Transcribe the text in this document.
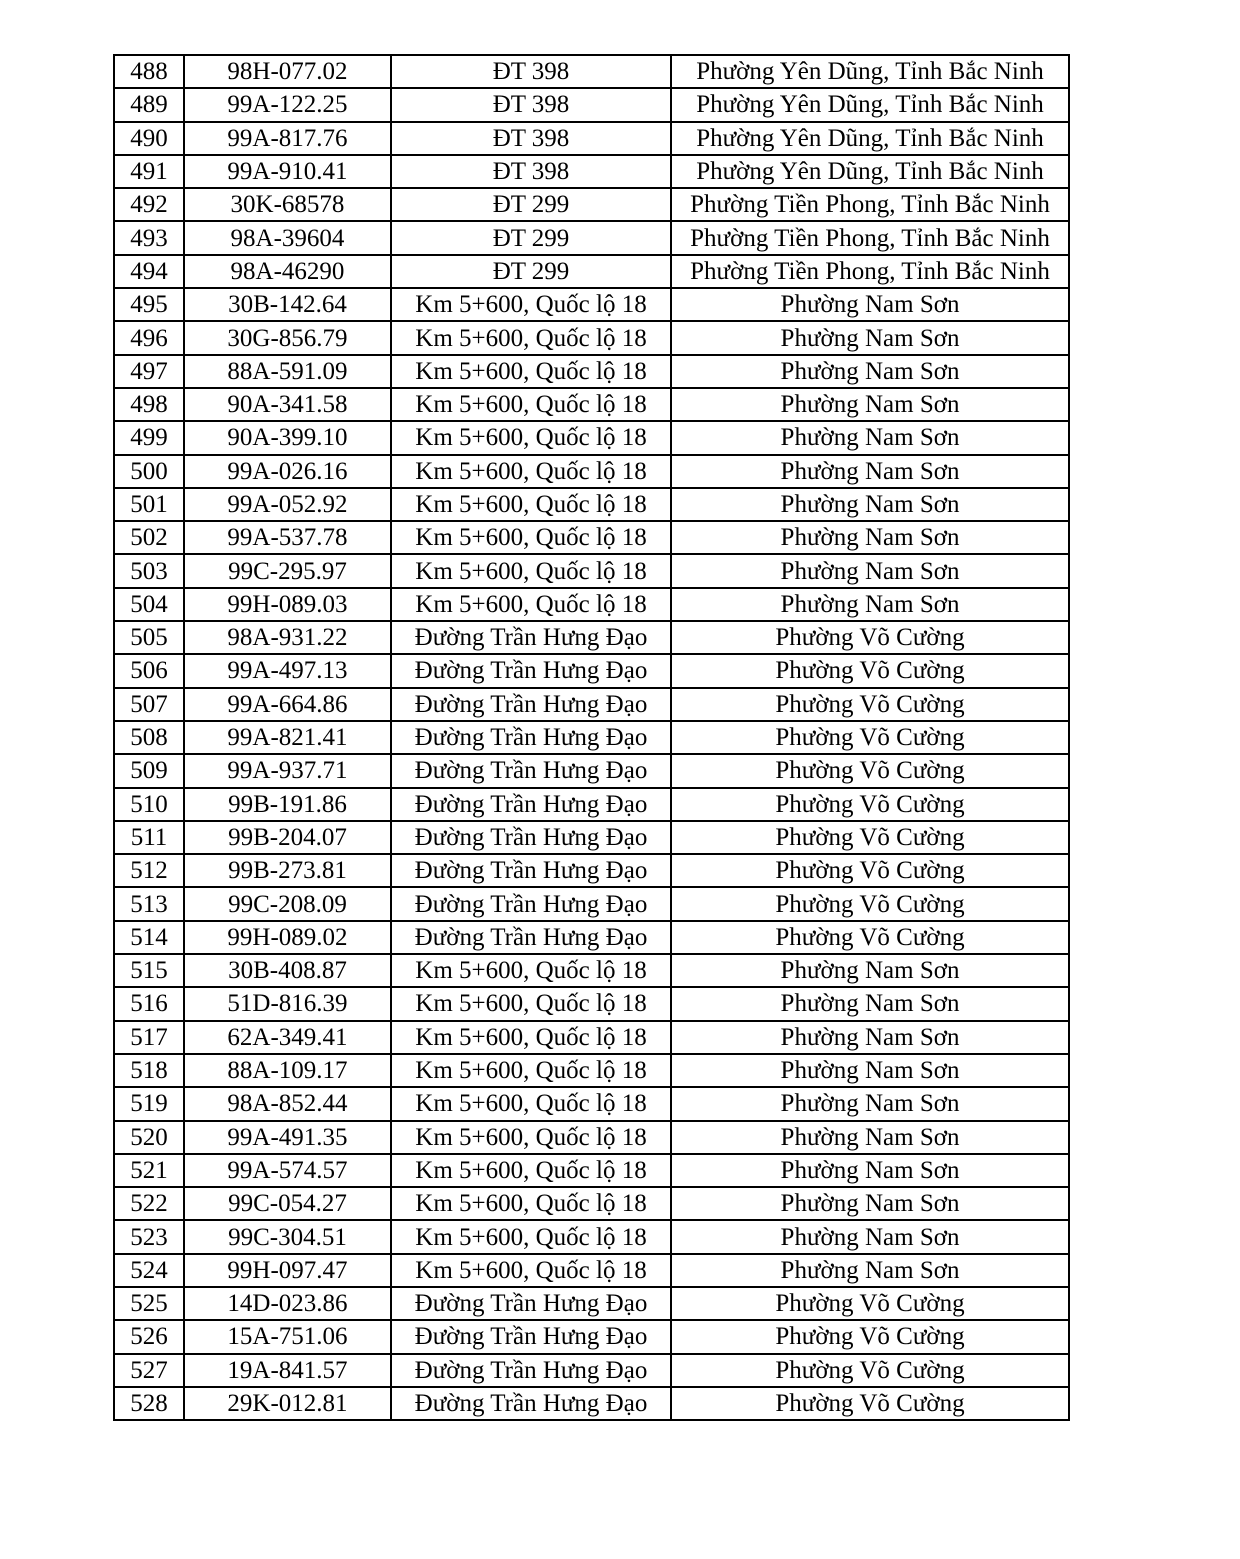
488	98H-077.02	ĐT 398	Phường Yên Dũng, Tỉnh Bắc Ninh
489	99A-122.25	ĐT 398	Phường Yên Dũng, Tỉnh Bắc Ninh
490	99A-817.76	ĐT 398	Phường Yên Dũng, Tỉnh Bắc Ninh
491	99A-910.41	ĐT 398	Phường Yên Dũng, Tỉnh Bắc Ninh
492	30K-68578	ĐT 299	Phường Tiền Phong, Tỉnh Bắc Ninh
493	98A-39604	ĐT 299	Phường Tiền Phong, Tỉnh Bắc Ninh
494	98A-46290	ĐT 299	Phường Tiền Phong, Tỉnh Bắc Ninh
495	30B-142.64	Km 5+600, Quốc lộ 18	Phường Nam Sơn
496	30G-856.79	Km 5+600, Quốc lộ 18	Phường Nam Sơn
497	88A-591.09	Km 5+600, Quốc lộ 18	Phường Nam Sơn
498	90A-341.58	Km 5+600, Quốc lộ 18	Phường Nam Sơn
499	90A-399.10	Km 5+600, Quốc lộ 18	Phường Nam Sơn
500	99A-026.16	Km 5+600, Quốc lộ 18	Phường Nam Sơn
501	99A-052.92	Km 5+600, Quốc lộ 18	Phường Nam Sơn
502	99A-537.78	Km 5+600, Quốc lộ 18	Phường Nam Sơn
503	99C-295.97	Km 5+600, Quốc lộ 18	Phường Nam Sơn
504	99H-089.03	Km 5+600, Quốc lộ 18	Phường Nam Sơn
505	98A-931.22	Đường Trần Hưng Đạo	Phường Võ Cường
506	99A-497.13	Đường Trần Hưng Đạo	Phường Võ Cường
507	99A-664.86	Đường Trần Hưng Đạo	Phường Võ Cường
508	99A-821.41	Đường Trần Hưng Đạo	Phường Võ Cường
509	99A-937.71	Đường Trần Hưng Đạo	Phường Võ Cường
510	99B-191.86	Đường Trần Hưng Đạo	Phường Võ Cường
511	99B-204.07	Đường Trần Hưng Đạo	Phường Võ Cường
512	99B-273.81	Đường Trần Hưng Đạo	Phường Võ Cường
513	99C-208.09	Đường Trần Hưng Đạo	Phường Võ Cường
514	99H-089.02	Đường Trần Hưng Đạo	Phường Võ Cường
515	30B-408.87	Km 5+600, Quốc lộ 18	Phường Nam Sơn
516	51D-816.39	Km 5+600, Quốc lộ 18	Phường Nam Sơn
517	62A-349.41	Km 5+600, Quốc lộ 18	Phường Nam Sơn
518	88A-109.17	Km 5+600, Quốc lộ 18	Phường Nam Sơn
519	98A-852.44	Km 5+600, Quốc lộ 18	Phường Nam Sơn
520	99A-491.35	Km 5+600, Quốc lộ 18	Phường Nam Sơn
521	99A-574.57	Km 5+600, Quốc lộ 18	Phường Nam Sơn
522	99C-054.27	Km 5+600, Quốc lộ 18	Phường Nam Sơn
523	99C-304.51	Km 5+600, Quốc lộ 18	Phường Nam Sơn
524	99H-097.47	Km 5+600, Quốc lộ 18	Phường Nam Sơn
525	14D-023.86	Đường Trần Hưng Đạo	Phường Võ Cường
526	15A-751.06	Đường Trần Hưng Đạo	Phường Võ Cường
527	19A-841.57	Đường Trần Hưng Đạo	Phường Võ Cường
528	29K-012.81	Đường Trần Hưng Đạo	Phường Võ Cường
